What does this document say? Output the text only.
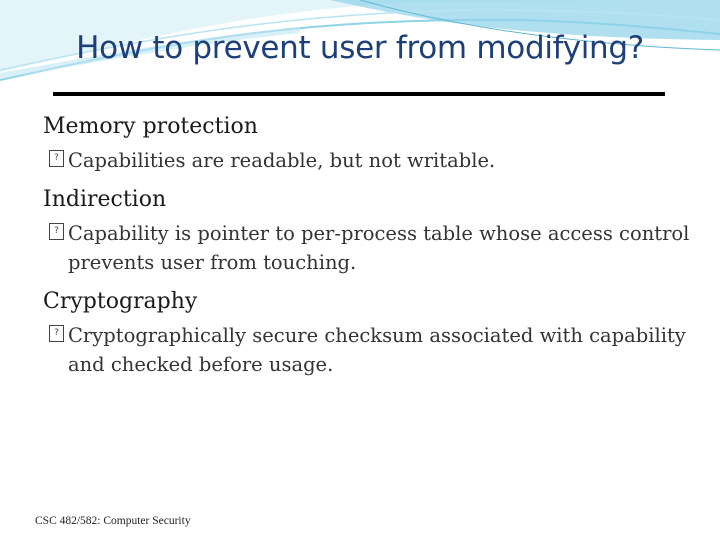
How to prevent user from modifying?
Memory protection
? Capabilities are readable, but not writable.
Indirection
? Capability is pointer to per-process table whose access control prevents user from touching.
Cryptography
? Cryptographically secure checksum associated with capability and checked before usage.
CSC 482/582: Computer Security
